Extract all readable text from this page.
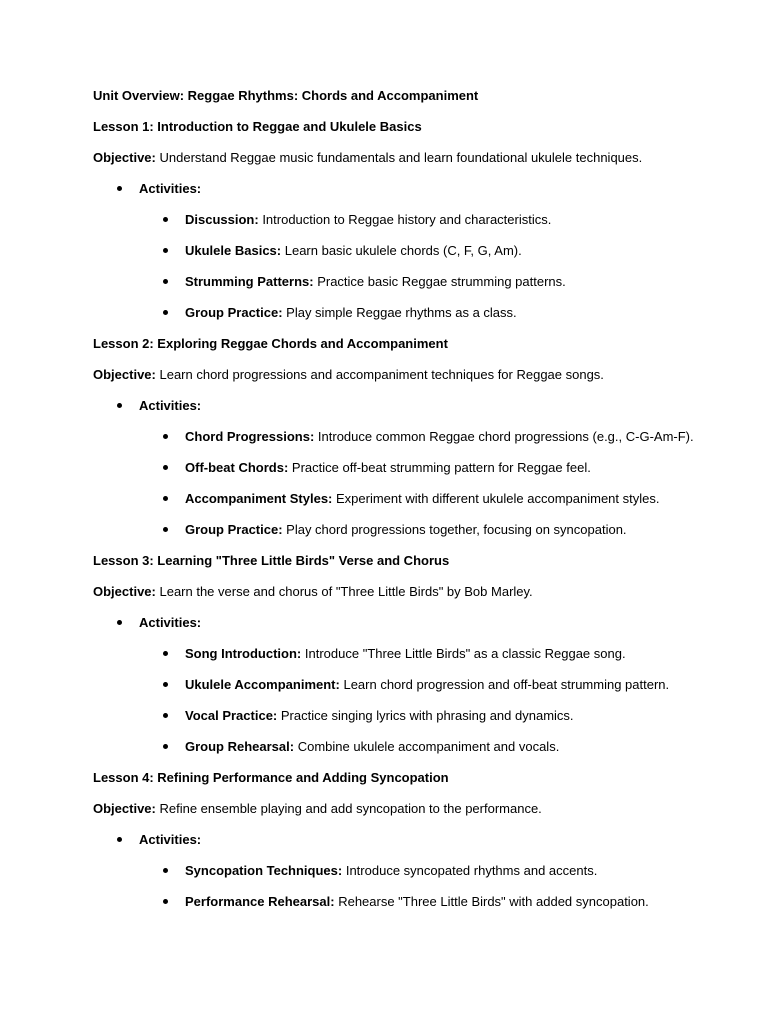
Unit Overview: Reggae Rhythms: Chords and Accompaniment
Lesson 1: Introduction to Reggae and Ukulele Basics
Objective: Understand Reggae music fundamentals and learn foundational ukulele techniques.
Activities:
Discussion: Introduction to Reggae history and characteristics.
Ukulele Basics: Learn basic ukulele chords (C, F, G, Am).
Strumming Patterns: Practice basic Reggae strumming patterns.
Group Practice: Play simple Reggae rhythms as a class.
Lesson 2: Exploring Reggae Chords and Accompaniment
Objective: Learn chord progressions and accompaniment techniques for Reggae songs.
Activities:
Chord Progressions: Introduce common Reggae chord progressions (e.g., C-G-Am-F).
Off-beat Chords: Practice off-beat strumming pattern for Reggae feel.
Accompaniment Styles: Experiment with different ukulele accompaniment styles.
Group Practice: Play chord progressions together, focusing on syncopation.
Lesson 3: Learning "Three Little Birds" Verse and Chorus
Objective: Learn the verse and chorus of "Three Little Birds" by Bob Marley.
Activities:
Song Introduction: Introduce "Three Little Birds" as a classic Reggae song.
Ukulele Accompaniment: Learn chord progression and off-beat strumming pattern.
Vocal Practice: Practice singing lyrics with phrasing and dynamics.
Group Rehearsal: Combine ukulele accompaniment and vocals.
Lesson 4: Refining Performance and Adding Syncopation
Objective: Refine ensemble playing and add syncopation to the performance.
Activities:
Syncopation Techniques: Introduce syncopated rhythms and accents.
Performance Rehearsal: Rehearse "Three Little Birds" with added syncopation.
